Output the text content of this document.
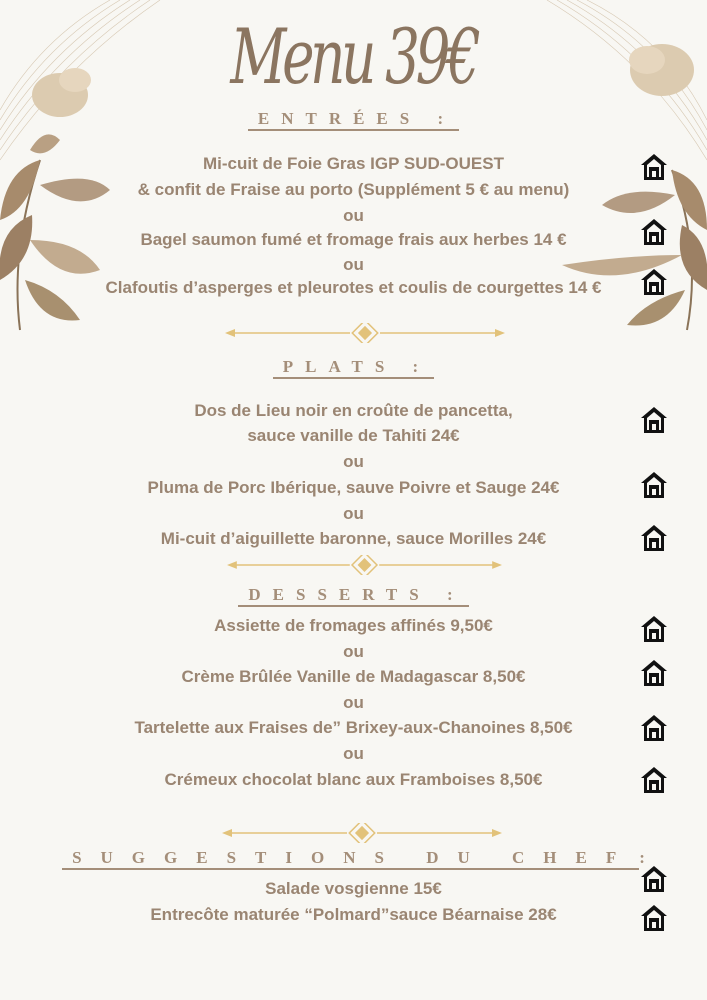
Menu 39€
ENTRÉES :
Mi-cuit de Foie Gras IGP SUD-OUEST
& confit de Fraise au porto (Supplément 5 € au menu)
ou
Bagel saumon fumé et fromage frais aux herbes 14 €
ou
Clafoutis d’asperges et pleurotes et coulis de courgettes 14 €
PLATS :
Dos de Lieu noir en croûte de pancetta,
sauce vanille de Tahiti 24€
ou
Pluma de Porc Ibérique, sauve Poivre et Sauge 24€
ou
Mi-cuit d’aiguillette baronne, sauce Morilles 24€
DESSERTS :
Assiette de fromages affinés 9,50€
ou
Crème Brûlée Vanille de Madagascar 8,50€
ou
Tartelette aux Fraises de” Brixey-aux-Chanoines 8,50€
ou
Crémeux chocolat blanc aux Framboises 8,50€
SUGGESTIONS DU CHEF :
Salade vosgienne 15€
Entrecôte maturée “Polmard”sauce Béarnaise 28€
